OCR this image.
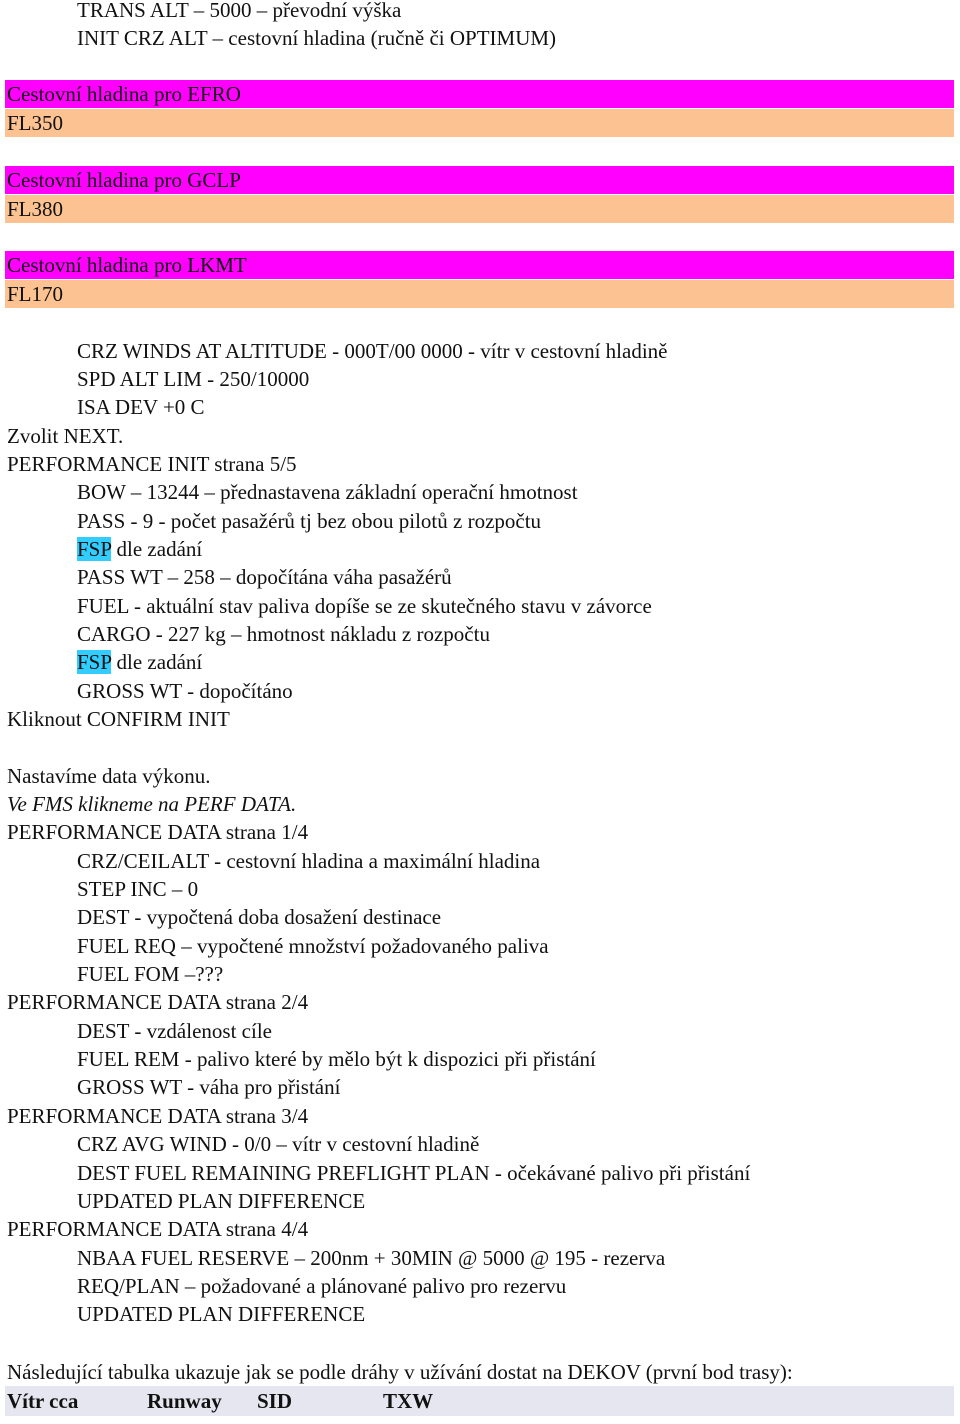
TRANS ALT – 5000 – převodní výška
INIT CRZ ALT – cestovní hladina (ručně či OPTIMUM)
Cestovní hladina pro EFRO
FL350
Cestovní hladina pro GCLP
FL380
Cestovní hladina pro LKMT
FL170
CRZ WINDS AT ALTITUDE - 000T/00 0000 - vítr v cestovní hladině
SPD ALT LIM - 250/10000
ISA DEV +0 C
Zvolit NEXT.
PERFORMANCE INIT strana 5/5
BOW – 13244 – přednastavena základní operační hmotnost
PASS - 9 - počet pasažérů tj bez obou pilotů z rozpočtu
FSP dle zadání
PASS WT – 258 – dopočítána váha pasažérů
FUEL - aktuální stav paliva dopíše se ze skutečného stavu v závorce
CARGO - 227 kg – hmotnost nákladu z rozpočtu
FSP dle zadání
GROSS WT - dopočítáno
Kliknout CONFIRM INIT
Nastavíme data výkonu.
Ve FMS klikneme na PERF DATA.
PERFORMANCE DATA strana 1/4
CRZ/CEILALT - cestovní hladina a maximální hladina
STEP INC – 0
DEST - vypočtená doba dosažení destinace
FUEL REQ – vypočtené množství požadovaného paliva
FUEL FOM –???
PERFORMANCE DATA strana 2/4
DEST - vzdálenost cíle
FUEL REM - palivo které by mělo být k dispozici při přistání
GROSS WT - váha pro přistání
PERFORMANCE DATA strana 3/4
CRZ AVG WIND - 0/0 – vítr v cestovní hladině
DEST FUEL REMAINING PREFLIGHT PLAN - očekávané palivo při přistání
UPDATED PLAN DIFFERENCE
PERFORMANCE DATA strana 4/4
NBAA FUEL RESERVE – 200nm + 30MIN @ 5000 @ 195 - rezerva
REQ/PLAN – požadované a plánované palivo pro rezervu
UPDATED PLAN DIFFERENCE
Následující tabulka ukazuje jak se podle dráhy v užívání dostat na DEKOV (první bod trasy):
Vítr cca	Runway SID	TXW
